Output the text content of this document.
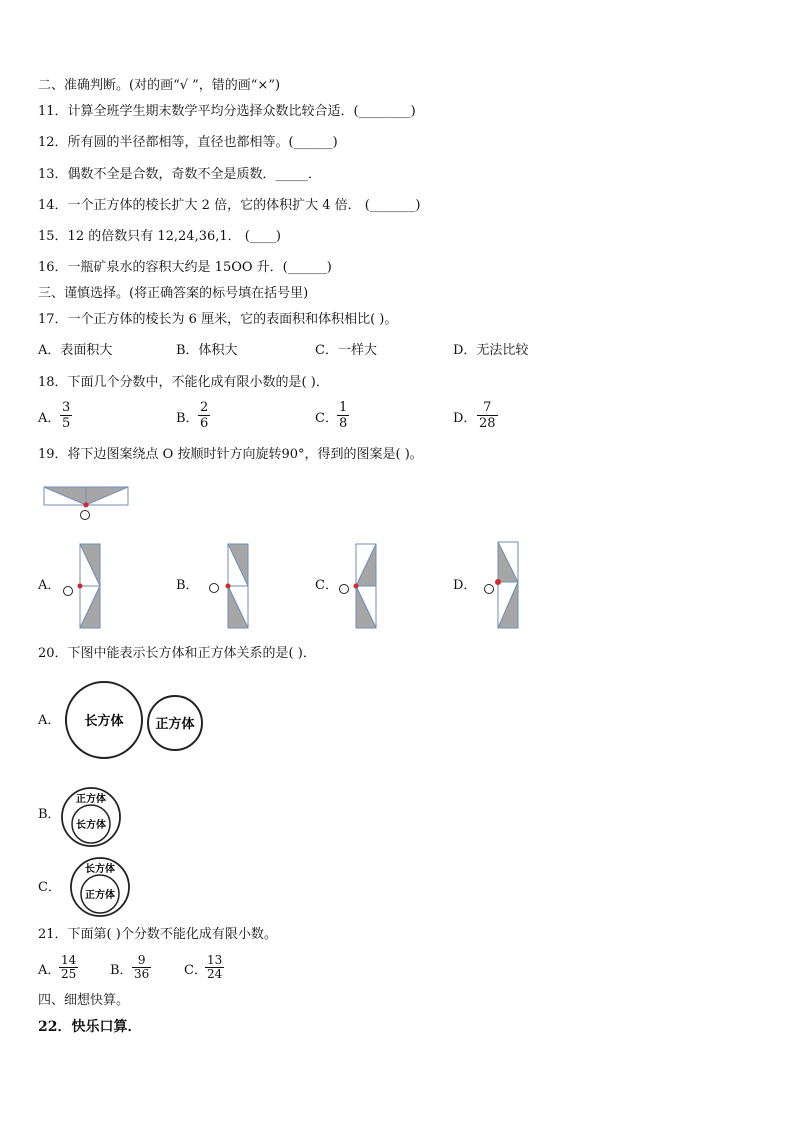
二、准确判断。(对的画“√ ”，错的画“×”)
11．计算全班学生期末数学平均分选择众数比较合适．(________)
12．所有圆的半径都相等，直径也都相等。(______)
13．偶数不全是合数，奇数不全是质数．_____．
14．一个正方体的棱长扩大 2 倍，它的体积扩大 4 倍． (_______)
15．12 的倍数只有 12,24,36,1． (____)
16．一瓶矿泉水的容积大约是 15OO 升．(______)
三、谨慎选择。(将正确答案的标号填在括号里)
17．一个正方体的棱长为 6 厘米，它的表面积和体积相比( )。
A．表面积大	B．体积大	C．一样大	D．无法比较
18．下面几个分数中，不能化成有限小数的是( )．
A．
3
5	B．
2
6	C．
1
8	D．
7
28
19．将下边图案绕点 O 按顺时针方向旋转90°，得到的图案是( )。
A．	B．	C．	D．
20．下图中能表示长方体和正方体关系的是( )．
A． 长方体 正方体
B．
正方体
长方体
C．
长方体
正方体
21．下面第( )个分数不能化成有限小数。
A．
14
25	B．
9
36	C．
13
24
四、细想快算。
22．快乐口算．
